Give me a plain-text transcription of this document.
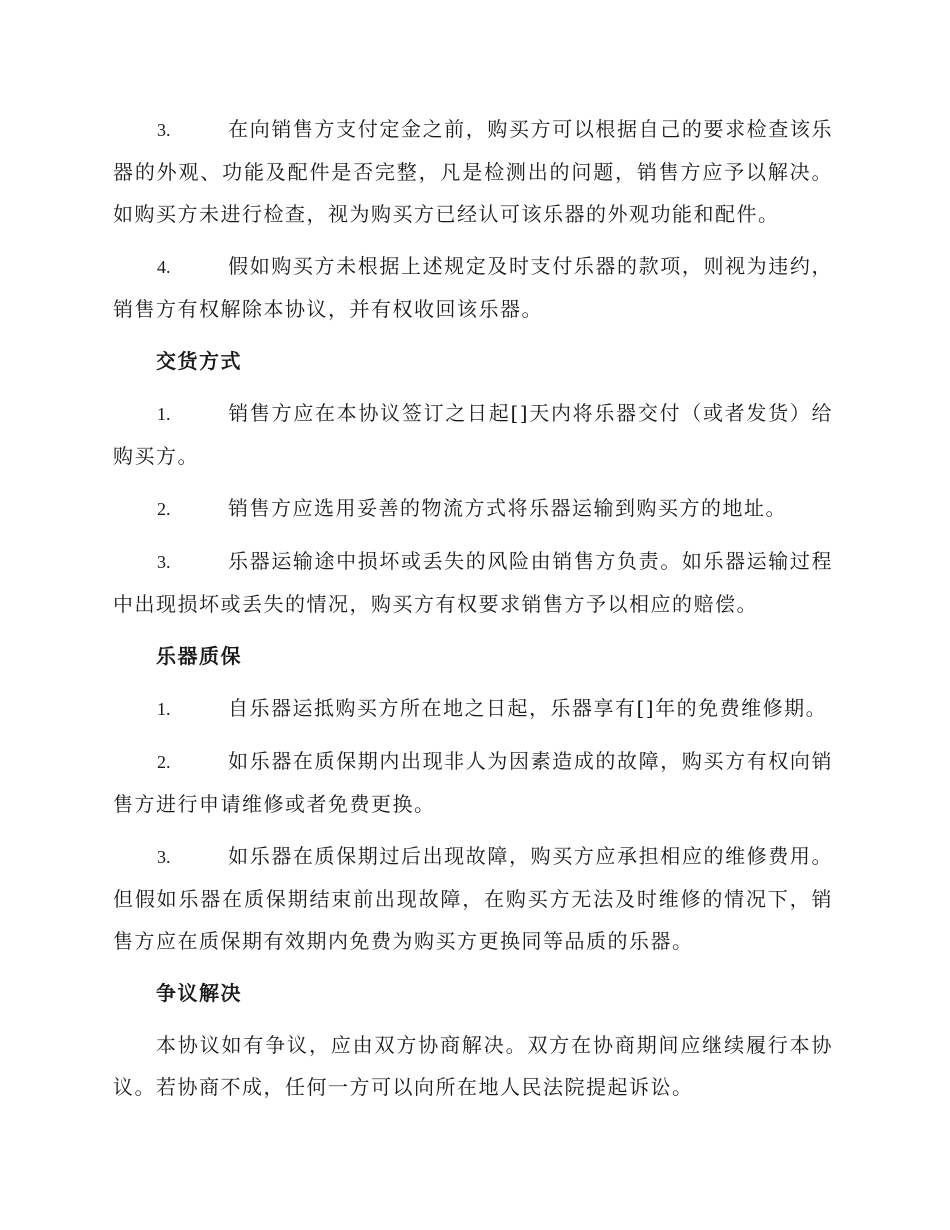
3.	在向销售方支付定金之前，购买方可以根据自己的要求检查该乐器的外观、功能及配件是否完整，凡是检测出的问题，销售方应予以解决。如购买方未进行检查，视为购买方已经认可该乐器的外观功能和配件。

4.	假如购买方未根据上述规定及时支付乐器的款项，则视为违约，销售方有权解除本协议，并有权收回该乐器。

交货方式

1.	销售方应在本协议签订之日起[]天内将乐器交付（或者发货）给购买方。

2.	销售方应选用妥善的物流方式将乐器运输到购买方的地址。

3.	乐器运输途中损坏或丢失的风险由销售方负责。如乐器运输过程中出现损坏或丢失的情况，购买方有权要求销售方予以相应的赔偿。

乐器质保

1.	自乐器运抵购买方所在地之日起，乐器享有[]年的免费维修期。

2.	如乐器在质保期内出现非人为因素造成的故障，购买方有权向销售方进行申请维修或者免费更换。

3.	如乐器在质保期过后出现故障，购买方应承担相应的维修费用。但假如乐器在质保期结束前出现故障，在购买方无法及时维修的情况下，销售方应在质保期有效期内免费为购买方更换同等品质的乐器。

争议解决

本协议如有争议，应由双方协商解决。双方在协商期间应继续履行本协议。若协商不成，任何一方可以向所在地人民法院提起诉讼。
